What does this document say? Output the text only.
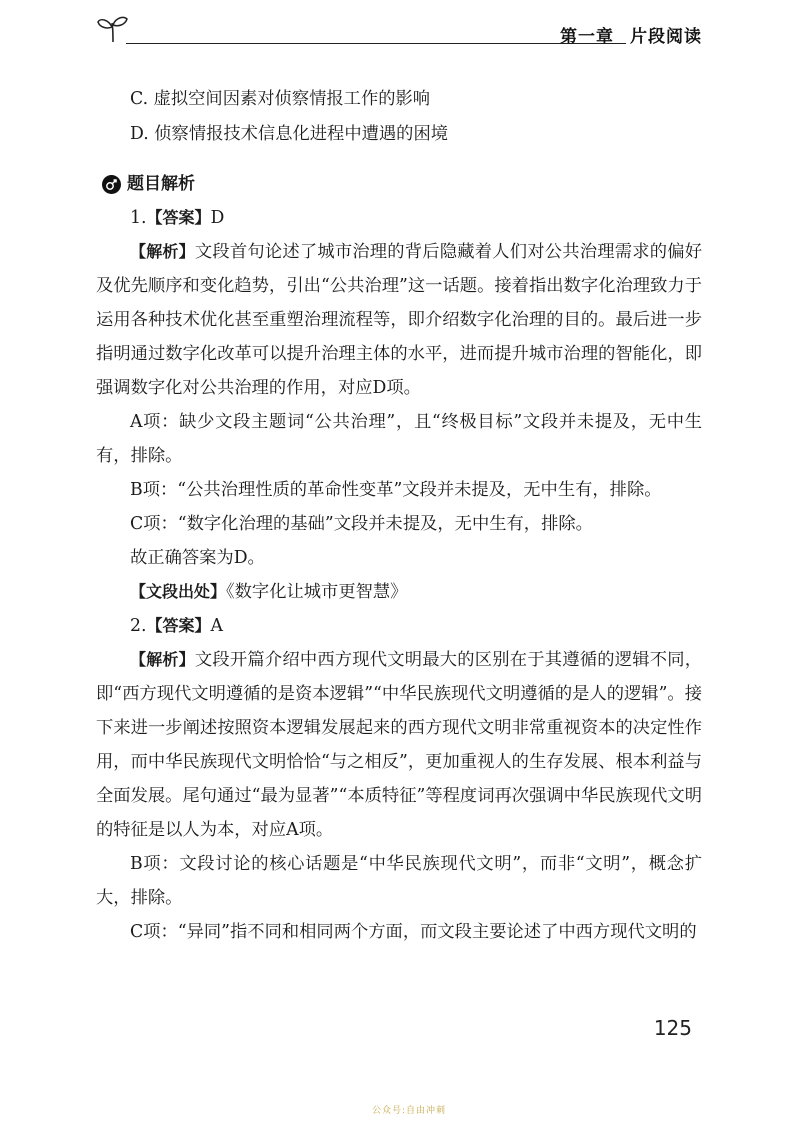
第一章 片段阅读

C. 虚拟空间因素对侦察情报工作的影响

D. 侦察情报技术信息化进程中遭遇的困境

题目解析

1.【答案】D

【解析】文段首句论述了城市治理的背后隐藏着人们对公共治理需求的偏好及优先顺序和变化趋势，引出“公共治理”这一话题。接着指出数字化治理致力于运用各种技术优化甚至重塑治理流程等，即介绍数字化治理的目的。最后进一步指明通过数字化改革可以提升治理主体的水平，进而提升城市治理的智能化，即强调数字化对公共治理的作用，对应D项。

A项：缺少文段主题词“公共治理”，且“终极目标”文段并未提及，无中生有，排除。

B项：“公共治理性质的革命性变革”文段并未提及，无中生有，排除。

C项：“数字化治理的基础”文段并未提及，无中生有，排除。

故正确答案为D。

【文段出处】《数字化让城市更智慧》

2.【答案】A

【解析】文段开篇介绍中西方现代文明最大的区别在于其遵循的逻辑不同，即“西方现代文明遵循的是资本逻辑”“中华民族现代文明遵循的是人的逻辑”。接下来进一步阐述按照资本逻辑发展起来的西方现代文明非常重视资本的决定性作用，而中华民族现代文明恰恰“与之相反”，更加重视人的生存发展、根本利益与全面发展。尾句通过“最为显著”“本质特征”等程度词再次强调中华民族现代文明的特征是以人为本，对应A项。

B项：文段讨论的核心话题是“中华民族现代文明”，而非“文明”，概念扩大，排除。

C项：“异同”指不同和相同两个方面，而文段主要论述了中西方现代文明的

125
公众号:自由冲刺
